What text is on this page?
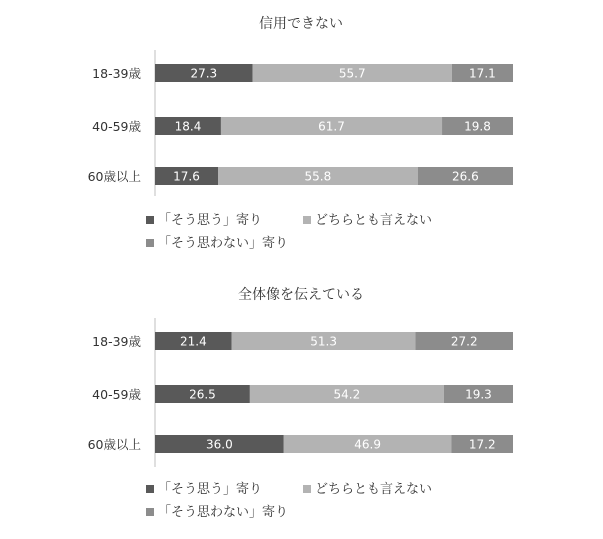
信用できない
18-39歳	27.3	55.7	17.1
40-59歳	18.4	61.7	19.8
60歳以上	17.6	55.8	26.6
「そう思う」寄り	どちらとも言えない
「そう思わない」寄り
全体像を伝えている
18-39歳	21.4	51.3	27.2
40-59歳	26.5	54.2	19.3
60歳以上	36.0	46.9	17.2
「そう思う」寄り	どちらとも言えない
「そう思わない」寄り
